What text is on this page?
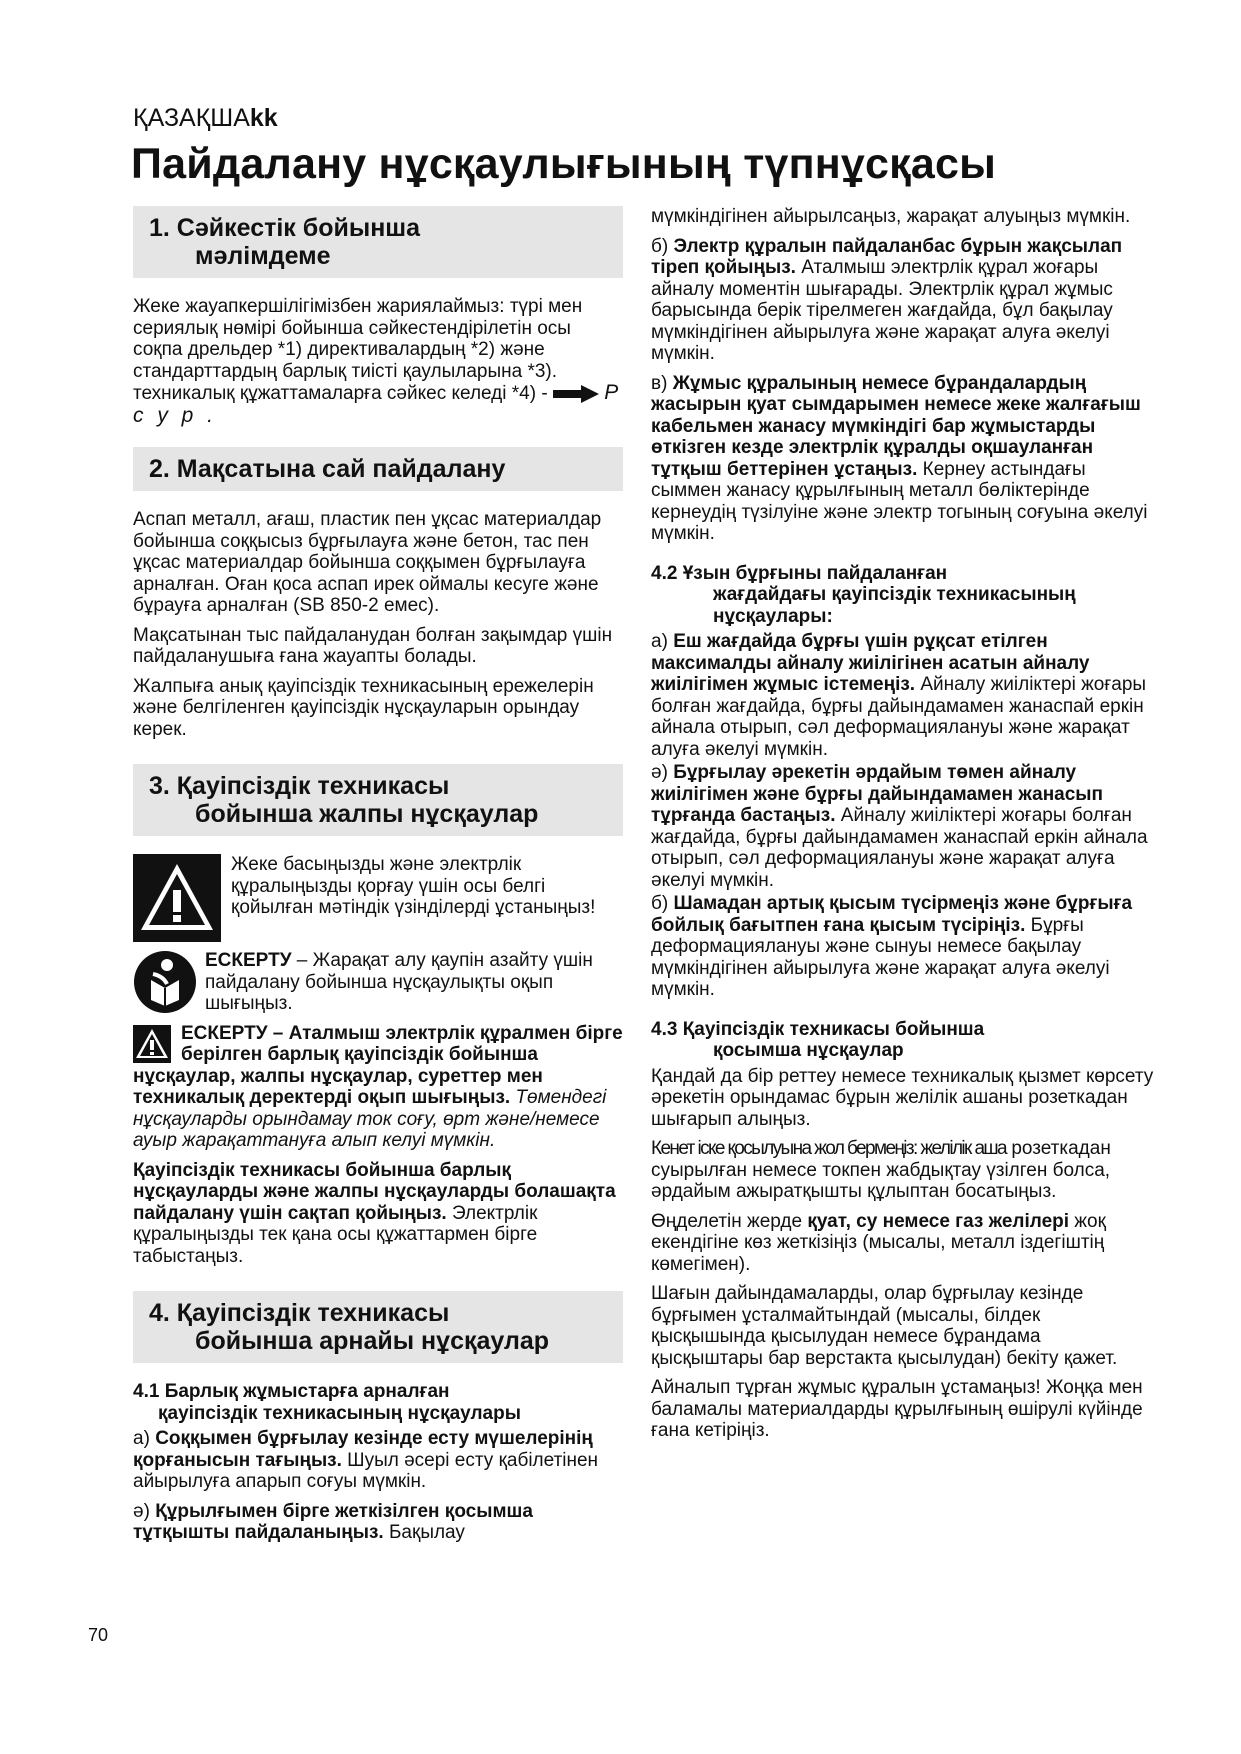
ҚАЗАҚШАkk
Пайдалану нұсқаулығының түпнұсқасы
1. Сәйкестік бойынша
мәлімдеме

Жеке жауапкершілігімізбен жариялаймыз: түрі мен сериялық нөмірі бойынша сәйкестендірілетін осы соқпа дрельдер *1) директивалардың *2) және стандарттардың барлық тиісті қаулыларына *3). техникалық құжаттамаларға сәйкес келеді *4) -	Р с у р .

2. Мақсатына сай пайдалану

Аспап металл, ағаш, пластик пен ұқсас материалдар бойынша соққысыз бұрғылауға және бетон, тас пен ұқсас материалдар бойынша соққымен бұрғылауға арналған. Оған қоса аспап ирек оймалы кесуге және бұрауға арналған (SB 850-2 емес).

Мақсатынан тыс пайдаланудан болған зақымдар үшін пайдаланушыға ғана жауапты болады.

Жалпыға анық қауіпсіздік техникасының ережелерін және белгіленген қауіпсіздік нұсқауларын орындау керек.

3. Қауіпсіздік техникасы
бойынша жалпы нұсқаулар

Жеке басыңызды және электрлік құралыңызды қорғау үшін осы белгі қойылған мәтіндік үзінділерді ұстаныңыз!

ЕСКЕРТУ – Жарақат алу қаупін азайту үшін пайдалану бойынша нұсқаулықты оқып шығыңыз.

ЕСКЕРТУ – Аталмыш электрлік құралмен бірге берілген барлық қауіпсіздік бойынша нұсқаулар, жалпы нұсқаулар, суреттер мен техникалық деректерді оқып шығыңыз. Төмендегі нұсқауларды орындамау ток соғу, өрт және/немесе ауыр жарақаттануға алып келуі мүмкін.

Қауіпсіздік техникасы бойынша барлық нұсқауларды және жалпы нұсқауларды болашақта пайдалану үшін сақтап қойыңыз. Электрлік құралыңызды тек қана осы құжаттармен бірге табыстаңыз.

4. Қауіпсіздік техникасы
бойынша арнайы нұсқаулар
4.1 Барлық жұмыстарға арналған
қауіпсіздік техникасының нұсқаулары

а) Соққымен бұрғылау кезінде есту мүшелерінің қорғанысын тағыңыз. Шуыл әсері есту қабілетінен айырылуға апарып соғуы мүмкін.

ә) Құрылғымен бірге жеткізілген қосымша тұтқышты пайдаланыңыз. Бақылау

мүмкіндігінен айырылсаңыз, жарақат алуыңыз мүмкін.

б) Электр құралын пайдаланбас бұрын жақсылап тіреп қойыңыз. Аталмыш электрлік құрал жоғары айналу моментін шығарады. Электрлік құрал жұмыс барысында берік тірелмеген жағдайда, бұл бақылау мүмкіндігінен айырылуға және жарақат алуға әкелуі мүмкін.

в) Жұмыс құралының немесе бұрандалардың жасырын қуат сымдарымен немесе жеке жалғағыш кабельмен жанасу мүмкіндігі бар жұмыстарды өткізген кезде электрлік құралды оқшауланған тұтқыш беттерінен ұстаңыз. Кернеу астындағы сыммен жанасу құрылғының металл бөліктерінде кернеудің түзілуіне және электр тогының соғуына әкелуі мүмкін.

4.2 Ұзын бұрғыны пайдаланған
жағдайдағы қауіпсіздік техникасының нұсқаулары:

а) Еш жағдайда бұрғы үшін рұқсат етілген максималды айналу жиілігінен асатын айналу жиілігімен жұмыс істемеңіз. Айналу жиіліктері жоғары болған жағдайда, бұрғы дайындамамен жанаспай еркін айнала отырып, сәл деформациялануы және жарақат алуға әкелуі мүмкін.

ә) Бұрғылау әрекетін әрдайым төмен айналу жиілігімен және бұрғы дайындамамен жанасып тұрғанда бастаңыз. Айналу жиіліктері жоғары болған жағдайда, бұрғы дайындамамен жанаспай еркін айнала отырып, сәл деформациялануы және жарақат алуға әкелуі мүмкін.

б) Шамадан артық қысым түсірмеңіз және бұрғыға бойлық бағытпен ғана қысым түсіріңіз. Бұрғы деформациялануы және сынуы немесе бақылау мүмкіндігінен айырылуға және жарақат алуға әкелуі мүмкін.

4.3 Қауіпсіздік техникасы бойынша
қосымша нұсқаулар

Қандай да бір реттеу немесе техникалық қызмет көрсету әрекетін орындамас бұрын желілік ашаны розеткадан шығарып алыңыз.

Кенет іске қосылуына жол бермеңіз: желілік аша розеткадан суырылған немесе токпен жабдықтау үзілген болса, әрдайым ажыратқышты құлыптан босатыңыз.

Өңделетін жерде қуат, су немесе газ желілері жоқ екендігіне көз жеткізіңіз (мысалы, металл іздегіштің көмегімен).

Шағын дайындамаларды, олар бұрғылау кезінде бұрғымен ұсталмайтындай (мысалы, білдек қысқышында қысылудан немесе бұрандама қысқыштары бар верстакта қысылудан) бекіту қажет.

Айналып тұрған жұмыс құралын ұстамаңыз! Жоңқа мен баламалы материалдарды құрылғының өшірулі күйінде ғана кетіріңіз.

70
